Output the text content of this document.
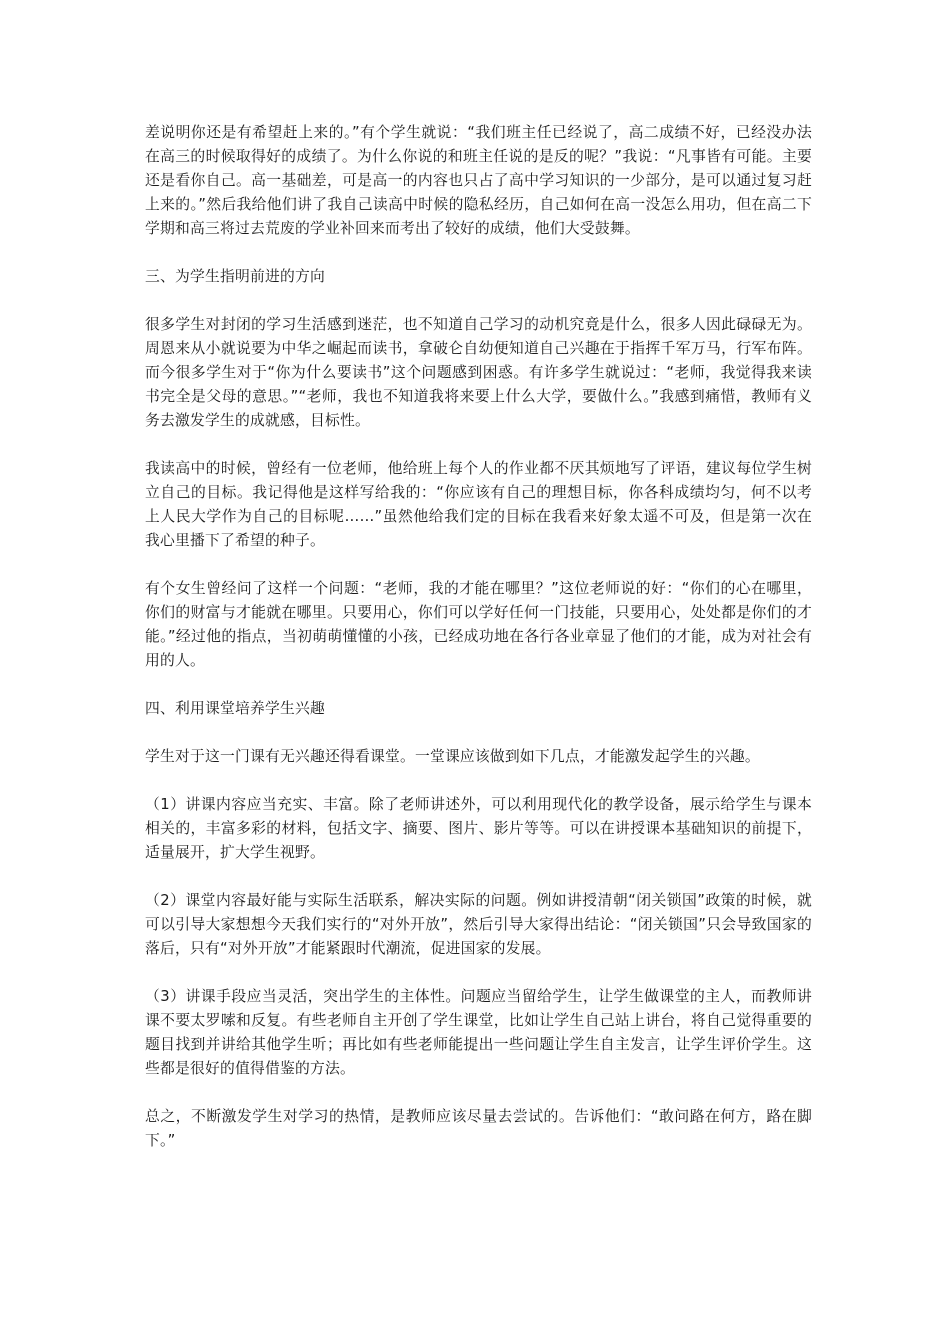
差说明你还是有希望赶上来的。”有个学生就说：“我们班主任已经说了，高二成绩不好，已经没办法在高三的时候取得好的成绩了。为什么你说的和班主任说的是反的呢？”我说：“凡事皆有可能。主要还是看你自己。高一基础差，可是高一的内容也只占了高中学习知识的一少部分，是可以通过复习赶上来的。”然后我给他们讲了我自己读高中时候的隐私经历，自己如何在高一没怎么用功，但在高二下学期和高三将过去荒废的学业补回来而考出了较好的成绩，他们大受鼓舞。

三、为学生指明前进的方向

很多学生对封闭的学习生活感到迷茫，也不知道自己学习的动机究竟是什么，很多人因此碌碌无为。周恩来从小就说要为中华之崛起而读书，拿破仑自幼便知道自己兴趣在于指挥千军万马，行军布阵。而今很多学生对于“你为什么要读书”这个问题感到困惑。有许多学生就说过：“老师，我觉得我来读书完全是父母的意思。”“老师，我也不知道我将来要上什么大学，要做什么。”我感到痛惜，教师有义务去激发学生的成就感，目标性。

我读高中的时候，曾经有一位老师，他给班上每个人的作业都不厌其烦地写了评语，建议每位学生树立自己的目标。我记得他是这样写给我的：“你应该有自己的理想目标，你各科成绩均匀，何不以考上人民大学作为自己的目标呢……”虽然他给我们定的目标在我看来好象太遥不可及，但是第一次在我心里播下了希望的种子。

有个女生曾经问了这样一个问题：“老师，我的才能在哪里？”这位老师说的好：“你们的心在哪里，你们的财富与才能就在哪里。只要用心，你们可以学好任何一门技能，只要用心，处处都是你们的才能。”经过他的指点，当初萌萌懂懂的小孩，已经成功地在各行各业章显了他们的才能，成为对社会有用的人。

四、利用课堂培养学生兴趣

学生对于这一门课有无兴趣还得看课堂。一堂课应该做到如下几点，才能激发起学生的兴趣。

（1）讲课内容应当充实、丰富。除了老师讲述外，可以利用现代化的教学设备，展示给学生与课本相关的，丰富多彩的材料，包括文字、摘要、图片、影片等等。可以在讲授课本基础知识的前提下，适量展开，扩大学生视野。

（2）课堂内容最好能与实际生活联系，解决实际的问题。例如讲授清朝“闭关锁国”政策的时候，就可以引导大家想想今天我们实行的“对外开放”，然后引导大家得出结论：“闭关锁国”只会导致国家的落后，只有“对外开放”才能紧跟时代潮流，促进国家的发展。

（3）讲课手段应当灵活，突出学生的主体性。问题应当留给学生，让学生做课堂的主人，而教师讲课不要太罗嗦和反复。有些老师自主开创了学生课堂，比如让学生自己站上讲台，将自己觉得重要的题目找到并讲给其他学生听；再比如有些老师能提出一些问题让学生自主发言，让学生评价学生。这些都是很好的值得借鉴的方法。

总之，不断激发学生对学习的热情，是教师应该尽量去尝试的。告诉他们：“敢问路在何方，路在脚下。”
